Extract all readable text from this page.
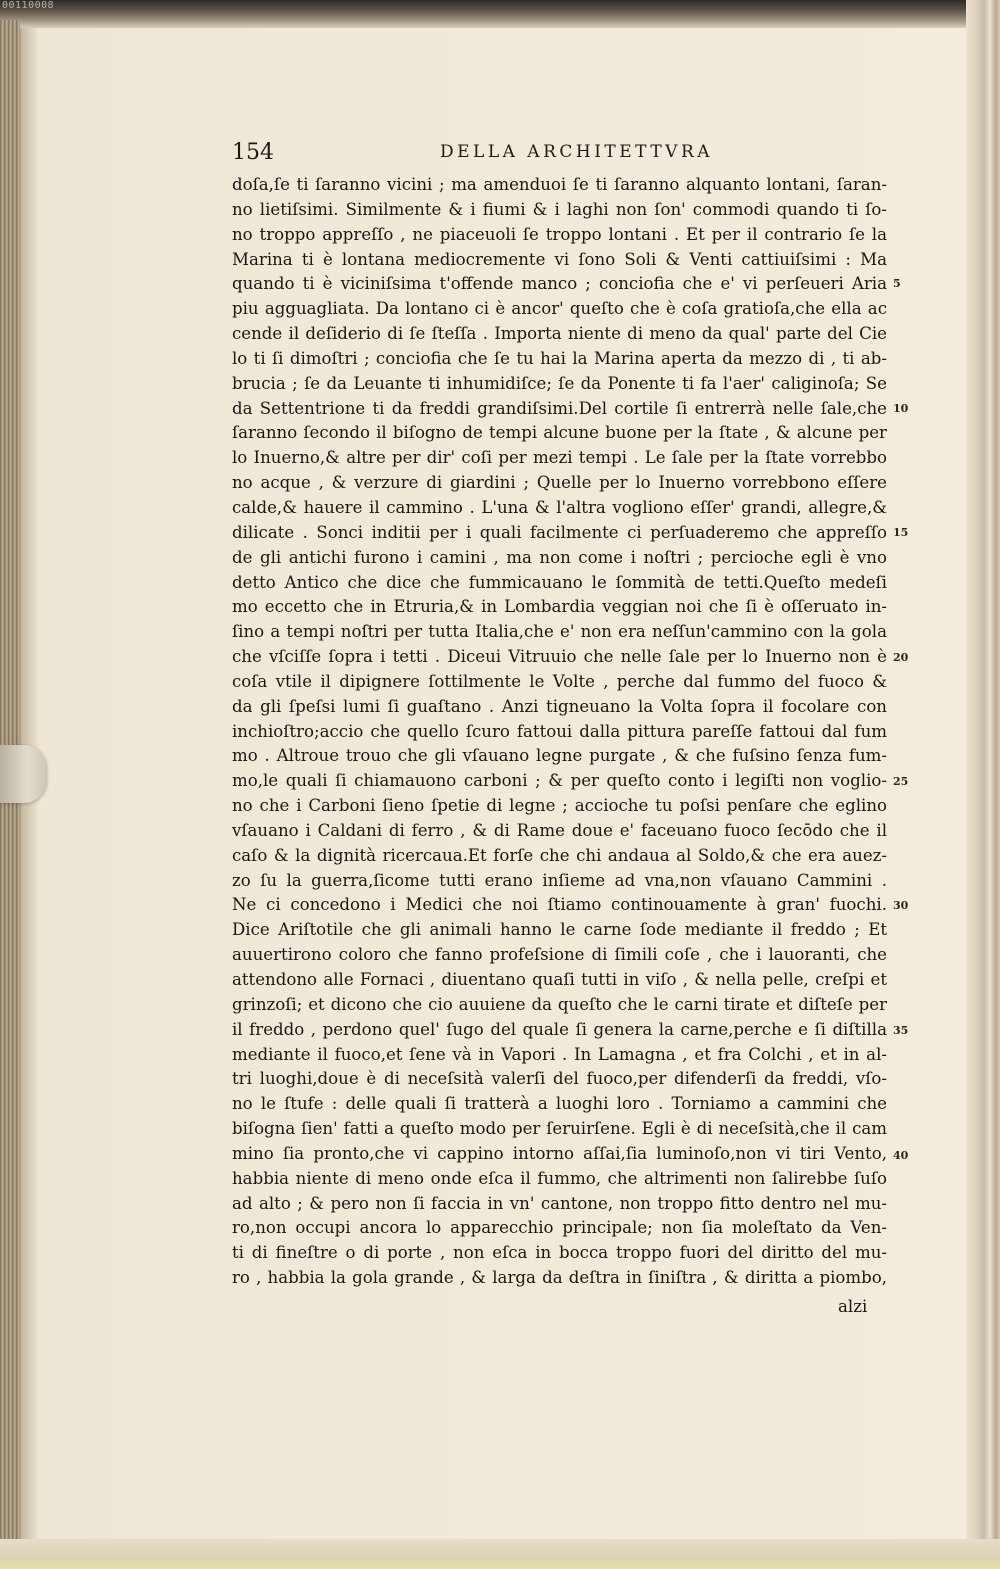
00110008
154	DELLA ARCHITETTVRA
doſa,ſe ti ſaranno vicini ; ma amenduoi ſe ti ſaranno alquanto lontani, ſaran-
no lietiſsimi. Similmente & i fiumi & i laghi non ſon' commodi quando ti ſo-
no troppo appreſſo , ne piaceuoli ſe troppo lontani . Et per il contrario ſe la
Marina ti è lontana mediocremente vi ſono Soli & Venti cattiuiſsimi : Ma
quando ti è viciniſsima t'offende manco ; conciofia che e' vi perſeueri Aria
piu agguagliata. Da lontano ci è ancor' queſto che è coſa gratioſa,che ella ac
cende il deſiderio di ſe ſteſſa . Importa niente di meno da qual' parte del Cie
lo ti ſi dimoſtri ; conciofia che ſe tu hai la Marina aperta da mezzo di , ti ab-
brucia ; ſe da Leuante ti inhumidiſce; ſe da Ponente ti fa l'aer' caliginoſa; Se
da Settentrione ti da freddi grandiſsimi.Del cortile ſi entrerrà nelle ſale,che
ſaranno ſecondo il biſogno de tempi alcune buone per la ſtate , & alcune per
lo Inuerno,& altre per dir' coſi per mezi tempi . Le ſale per la ſtate vorrebbo
no acque , & verzure di giardini ; Quelle per lo Inuerno vorrebbono eſſere
calde,& hauere il cammino . L'una & l'altra vogliono eſſer' grandi, allegre,&
dilicate . Sonci inditii per i quali facilmente ci perſuaderemo che appreſſo
de gli antichi furono i camini , ma non come i noſtri ; percioche egli è vno
detto Antico che dice che fummicauano le ſommità de tetti.Queſto medeſi
mo eccetto che in Etruria,& in Lombardia veggian noi che ſi è oſſeruato in-
ſino a tempi noſtri per tutta Italia,che e' non era neſſun'cammino con la gola
che vſciſſe ſopra i tetti . Diceui Vitruuio che nelle ſale per lo Inuerno non è
coſa vtile il dipignere ſottilmente le Volte , perche dal fummo del fuoco &
da gli ſpeſsi lumi ſi guaſtano . Anzi tigneuano la Volta ſopra il focolare con
inchioſtro;accio che quello ſcuro fattoui dalla pittura pareſſe fattoui dal fum
mo . Altroue trouo che gli vſauano legne purgate , & che fuſsino ſenza fum-
mo,le quali ſi chiamauono carboni ; & per queſto conto i legiſti non voglio-
no che i Carboni ſieno ſpetie di legne ; accioche tu poſsi penſare che eglino
vſauano i Caldani di ferro , & di Rame doue e' faceuano fuoco ſecōdo che il
caſo & la dignità ricercaua.Et forſe che chi andaua al Soldo,& che era auez-
zo ſu la guerra,ſicome tutti erano inſieme ad vna,non vſauano Cammini .
Ne ci concedono i Medici che noi ſtiamo continouamente à gran' fuochi.
Dice Ariſtotile che gli animali hanno le carne ſode mediante il freddo ; Et
auuertirono coloro che fanno profeſsione di ſimili coſe , che i lauoranti, che
attendono alle Fornaci , diuentano quaſi tutti in viſo , & nella pelle, creſpi et
grinzoſi; et dicono che cio auuiene da queſto che le carni tirate et diſteſe per
il freddo , perdono quel' ſugo del quale ſi genera la carne,perche e ſi diſtilla
mediante il fuoco,et ſene và in Vapori . In Lamagna , et fra Colchi , et in al-
tri luoghi,doue è di neceſsità valerſi del fuoco,per difenderſi da freddi, vſo-
no le ſtufe : delle quali ſi tratterà a luoghi loro . Torniamo a cammini che
biſogna ſien' fatti a queſto modo per ſeruirſene. Egli è di neceſsità,che il cam
mino ſia pronto,che vi cappino intorno aſſai,ſia luminoſo,non vi tiri Vento,
habbia niente di meno onde eſca il fummo, che altrimenti non ſalirebbe ſuſo
ad alto ; & pero non ſi faccia in vn' cantone, non troppo fitto dentro nel mu-
ro,non occupi ancora lo apparecchio principale; non ſia moleſtato da Ven-
ti di fineſtre o di porte , non eſca in bocca troppo fuori del diritto del mu-
ro , habbia la gola grande , & larga da deſtra in ſiniſtra , & diritta a piombo,
alzi
5
10
15
20
25
30
35
40
